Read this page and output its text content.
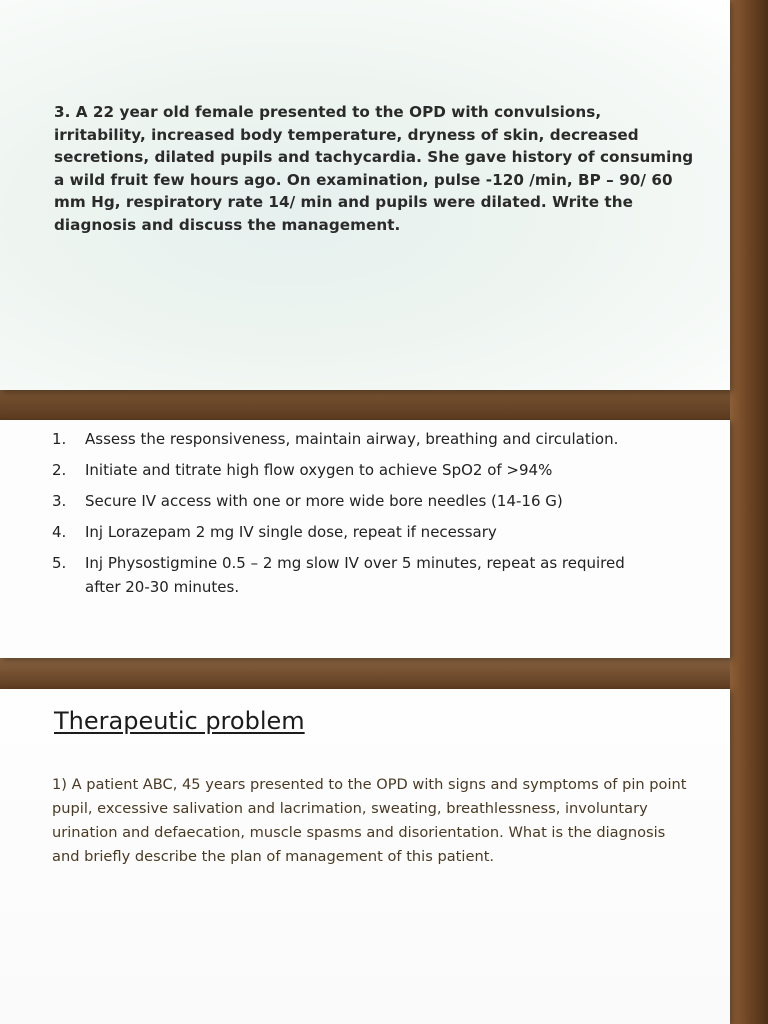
3. A 22 year old female presented to the OPD with convulsions, irritability, increased body temperature, dryness of skin, decreased secretions, dilated pupils and tachycardia. She gave history of consuming a wild fruit few hours ago. On examination, pulse -120 /min, BP – 90/ 60 mm Hg, respiratory rate 14/ min and pupils were dilated. Write the diagnosis and discuss the management.

1.	Assess the responsiveness, maintain airway, breathing and circulation.
2.	Initiate and titrate high flow oxygen to achieve SpO2 of >94%
3.	Secure IV access with one or more wide bore needles (14-16 G)
4.	Inj Lorazepam 2 mg IV single dose, repeat if necessary
5.	Inj Physostigmine 0.5 – 2 mg slow IV over 5 minutes, repeat as required after 20-30 minutes.
Therapeutic problem

1) A patient ABC, 45 years presented to the OPD with signs and symptoms of pin point pupil, excessive salivation and lacrimation, sweating, breathlessness, involuntary urination and defaecation, muscle spasms and disorientation. What is the diagnosis and briefly describe the plan of management of this patient.
